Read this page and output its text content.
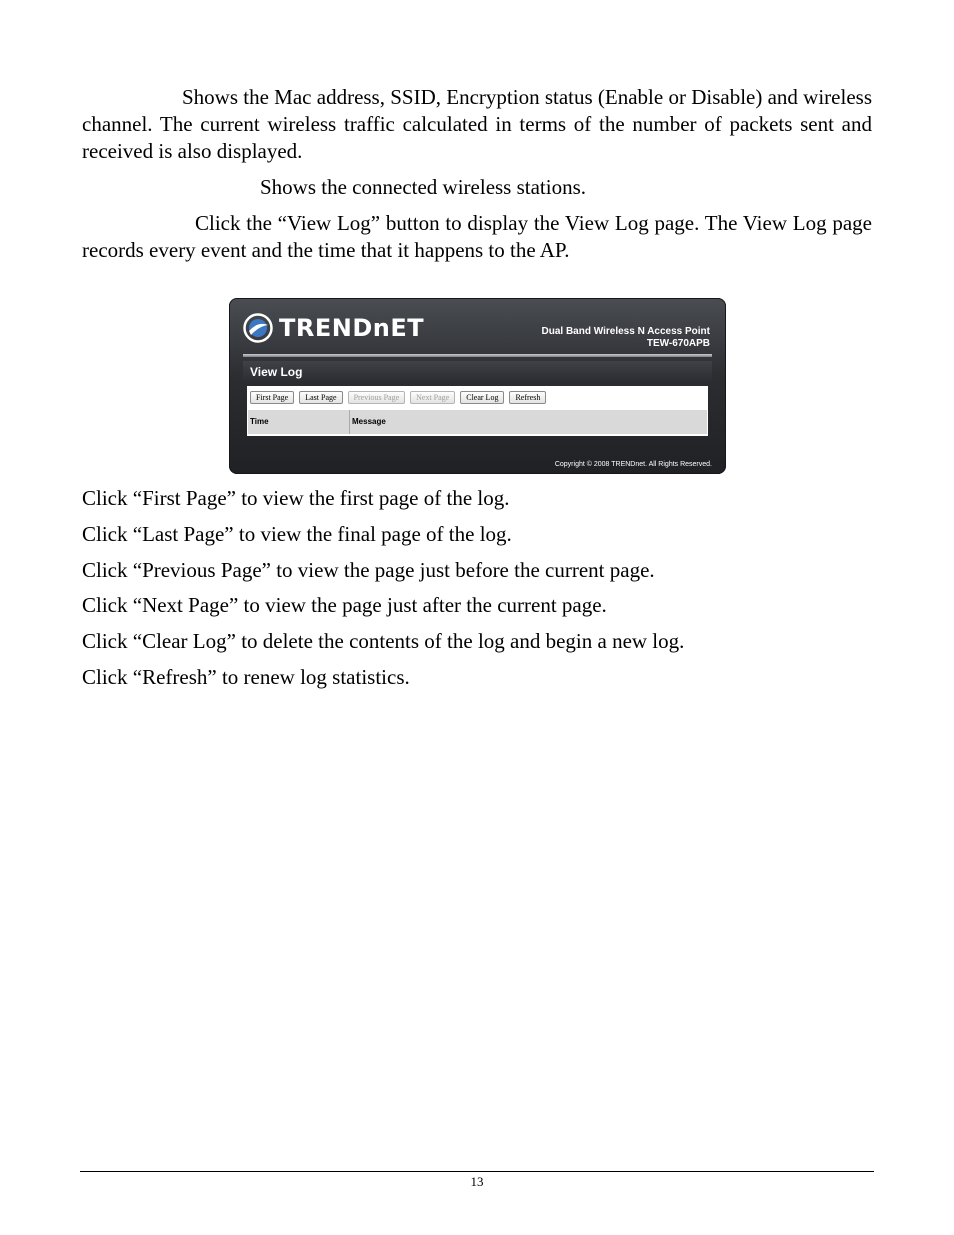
Shows the Mac address, SSID, Encryption status (Enable or Disable) and wireless channel. The current wireless traffic calculated in terms of the number of packets sent and received is also displayed.

Shows the connected wireless stations.

Click the “View Log” button to display the View Log page. The View Log page records every event and the time that it happens to the AP.

TRENDnET	Dual Band Wireless N Access Point
TEW-670APB
View Log
First Page	Last Page	Previous Page	Next Page	Clear Log	Refresh
Time	Message
Copyright © 2008 TRENDnet. All Rights Reserved.
Click “First Page” to view the first page of the log.
Click “Last Page” to view the final page of the log.
Click “Previous Page” to view the page just before the current page.
Click “Next Page” to view the page just after the current page.
Click “Clear Log” to delete the contents of the log and begin a new log.
Click “Refresh” to renew log statistics.
13
